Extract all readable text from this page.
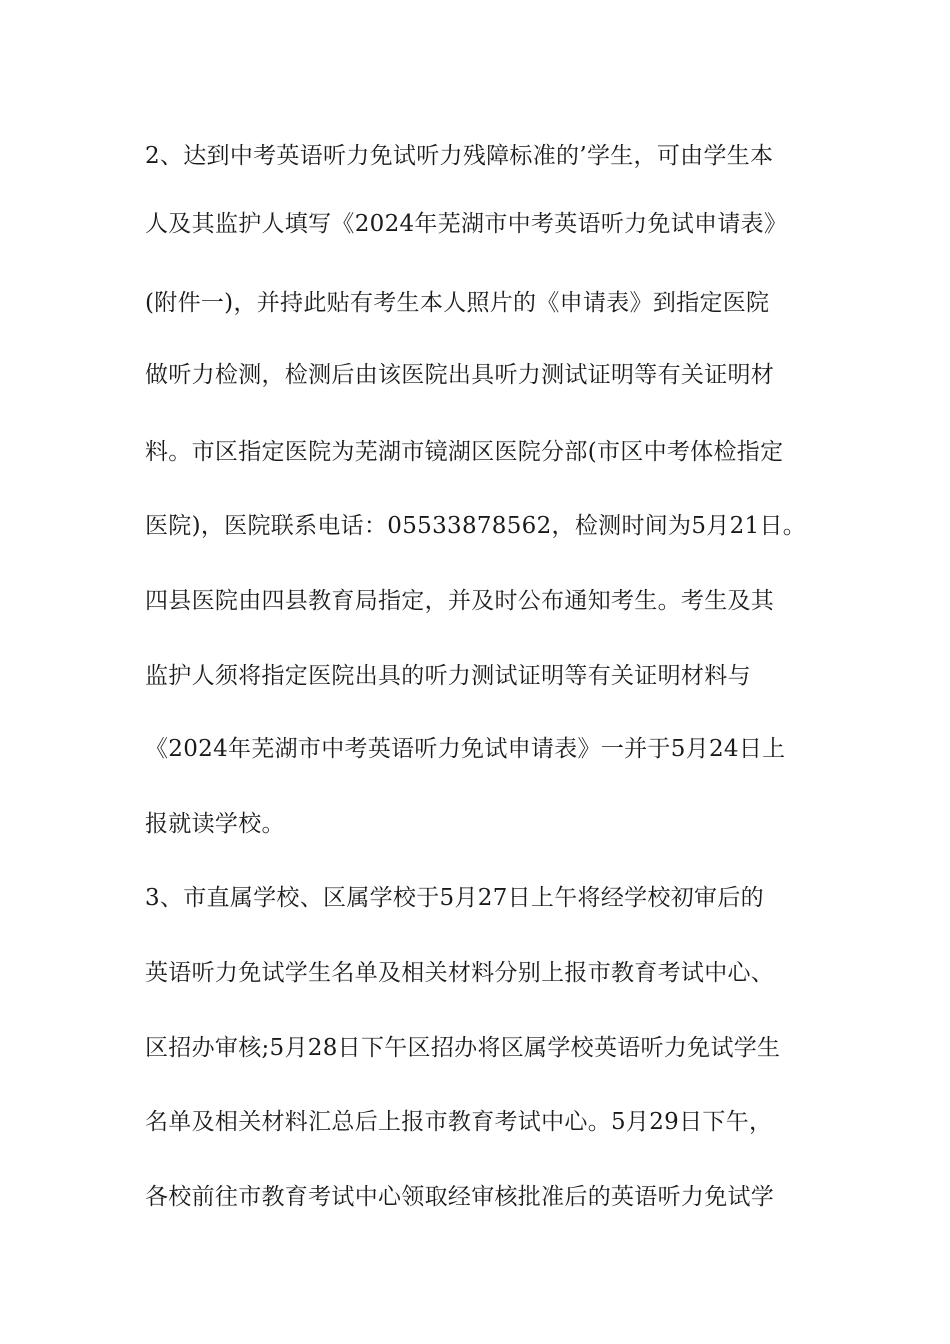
2、达到中考英语听力免试听力残障标准的’学生，可由学生本
人及其监护人填写《2024年芜湖市中考英语听力免试申请表》
(附件一)，并持此贴有考生本人照片的《申请表》到指定医院
做听力检测，检测后由该医院出具听力测试证明等有关证明材
料。市区指定医院为芜湖市镜湖区医院分部(市区中考体检指定
医院)，医院联系电话：05533878562，检测时间为5月21日。
四县医院由四县教育局指定，并及时公布通知考生。考生及其
监护人须将指定医院出具的听力测试证明等有关证明材料与
《2024年芜湖市中考英语听力免试申请表》一并于5月24日上
报就读学校。
3、市直属学校、区属学校于5月27日上午将经学校初审后的
英语听力免试学生名单及相关材料分别上报市教育考试中心、
区招办审核;5月28日下午区招办将区属学校英语听力免试学生
名单及相关材料汇总后上报市教育考试中心。5月29日下午，
各校前往市教育考试中心领取经审核批准后的英语听力免试学
